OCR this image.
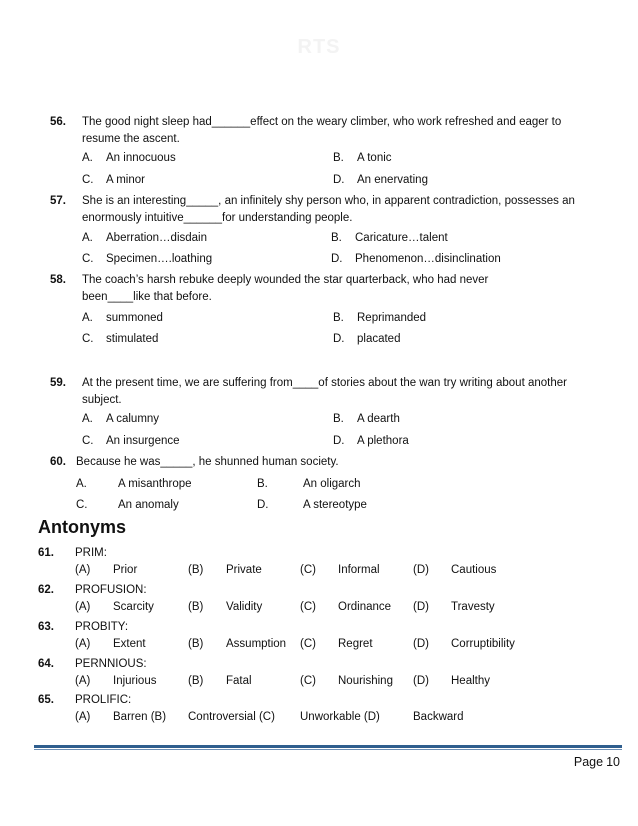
RTS
56. The good night sleep had______effect on the weary climber, who work refreshed and eager to resume the ascent.
A. An innocuous	B. A tonic
C. A minor	D. An enervating
57. She is an interesting_____, an infinitely shy person who, in apparent contradiction, possesses an enormously intuitive______for understanding people.
A. Aberration…disdain	B. Caricature…talent
C. Specimen….loathing	D. Phenomenon…disinclination
58. The coach’s harsh rebuke deeply wounded the star quarterback, who had never been____like that before.
A. summoned	B. Reprimanded
C. stimulated	D. placated
59. At the present time, we are suffering from____of stories about the wan try writing about another subject.
A. A calumny	B. A dearth
C. An insurgence	D. A plethora
60. Because he was_____, he shunned human society.
A.	A misanthrope	B.	An oligarch
C.	An anomaly	D.	A stereotype
Antonyms
61. PRIM:
(A) Prior	(B) Private	(C) Informal	(D) Cautious
62. PROFUSION:
(A) Scarcity	(B) Validity	(C) Ordinance (D) Travesty
63. PROBITY:
(A) Extent	(B) Assumption (C) Regret	(D) Corruptibility
64. PERNNIOUS:
(A) Injurious	(B) Fatal	(C) Nourishing (D) Healthy
65. PROLIFIC:
(A) Barren (B) Controversial (C) Unworkable (D)	Backward
Page 10
